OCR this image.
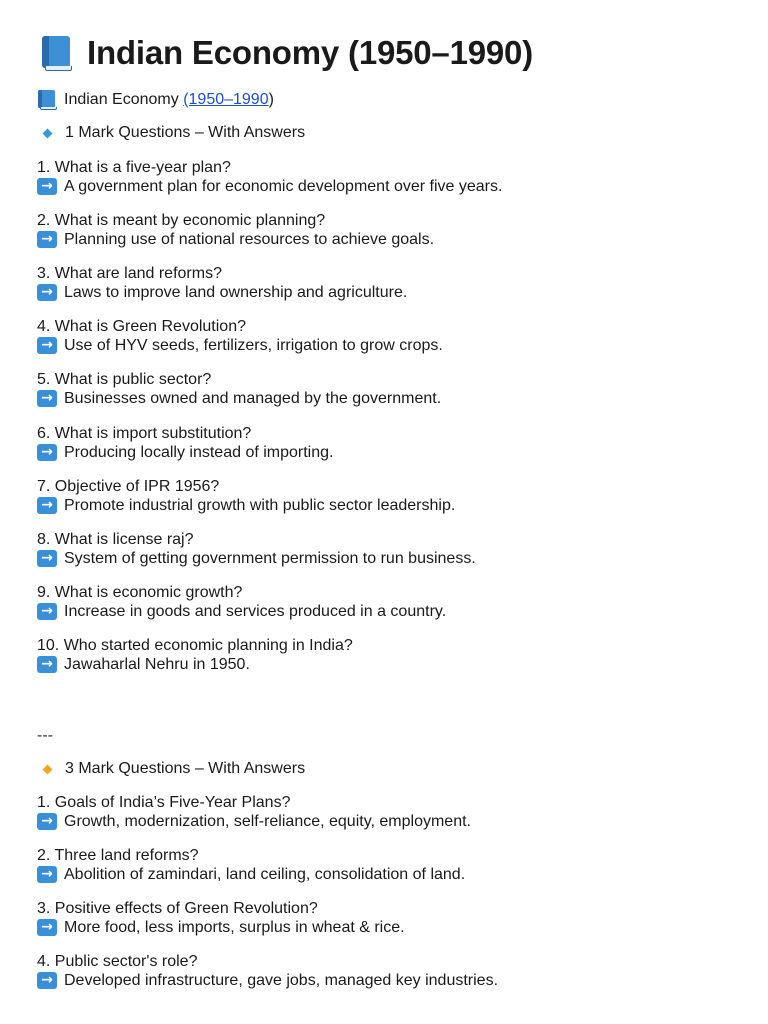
Indian Economy (1950–1990)
Indian Economy (1950–1990 )
1 Mark Questions – With Answers
1. What is a five-year plan?
→ A government plan for economic development over five years.
2. What is meant by economic planning?
→ Planning use of national resources to achieve goals.
3. What are land reforms?
→ Laws to improve land ownership and agriculture.
4. What is Green Revolution?
→ Use of HYV seeds, fertilizers, irrigation to grow crops.
5. What is public sector?
→ Businesses owned and managed by the government.
6. What is import substitution?
→ Producing locally instead of importing.
7. Objective of IPR 1956?
→ Promote industrial growth with public sector leadership.
8. What is license raj?
→ System of getting government permission to run business.
9. What is economic growth?
→ Increase in goods and services produced in a country.
10. Who started economic planning in India?
→ Jawaharlal Nehru in 1950.
---
3 Mark Questions – With Answers
1. Goals of India’s Five-Year Plans?
→ Growth, modernization, self-reliance, equity, employment.
2. Three land reforms?
→ Abolition of zamindari, land ceiling, consolidation of land.
3. Positive effects of Green Revolution?
→ More food, less imports, surplus in wheat & rice.
4. Public sector's role?
→ Developed infrastructure, gave jobs, managed key industries.
